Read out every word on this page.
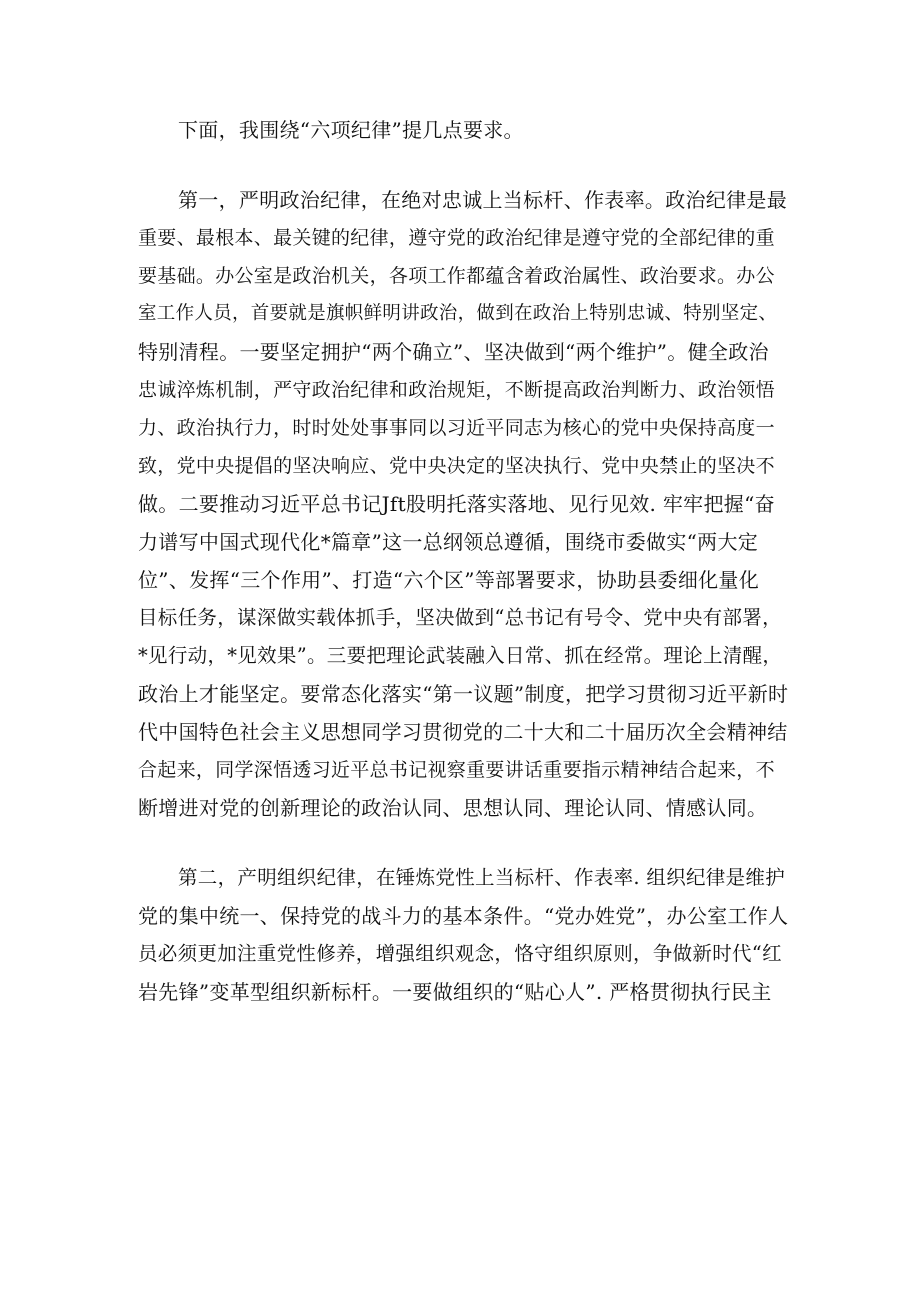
下面，我围绕“六项纪律”提几点要求。
第一，严明政治纪律，在绝对忠诚上当标杆、作表率。政治纪律是最
重要、最根本、最关键的纪律，遵守党的政治纪律是遵守党的全部纪律的重
要基础。办公室是政治机关，各项工作都蕴含着政治属性、政治要求。办公
室工作人员，首要就是旗帜鲜明讲政治，做到在政治上特别忠诚、特别坚定、
特别清程。一要坚定拥护“两个确立”、坚决做到“两个维护”。健全政治
忠诚淬炼机制，严守政治纪律和政治规矩，不断提高政治判断力、政治领悟
力、政治执行力，时时处处事事同以习近平同志为核心的党中央保持高度一
致，党中央提倡的坚决响应、党中央决定的坚决执行、党中央禁止的坚决不
做。二要推动习近平总书记Jft股明托落实落地、见行见效. 牢牢把握“奋
力谱写中国式现代化*篇章”这一总纲领总遵循，围绕市委做实“两大定
位”、发挥“三个作用”、打造“六个区”等部署要求，协助县委细化量化
目标任务，谋深做实载体抓手，坚决做到“总书记有号令、党中央有部署，
*见行动，*见效果”。三要把理论武装融入日常、抓在经常。理论上清醒，
政治上才能坚定。要常态化落实“第一议题”制度，把学习贯彻习近平新时
代中国特色社会主义思想同学习贯彻党的二十大和二十届历次全会精神结
合起来，同学深悟透习近平总书记视察重要讲话重要指示精神结合起来，不
断增进对党的创新理论的政治认同、思想认同、理论认同、情感认同。
第二，产明组织纪律，在锤炼党性上当标杆、作表率. 组织纪律是维护
党的集中统一、保持党的战斗力的基本条件。“党办姓党”，办公室工作人
员必须更加注重党性修养，增强组织观念，恪守组织原则，争做新时代“红
岩先锋”变革型组织新标杆。一要做组织的“贴心人”. 严格贯彻执行民主
